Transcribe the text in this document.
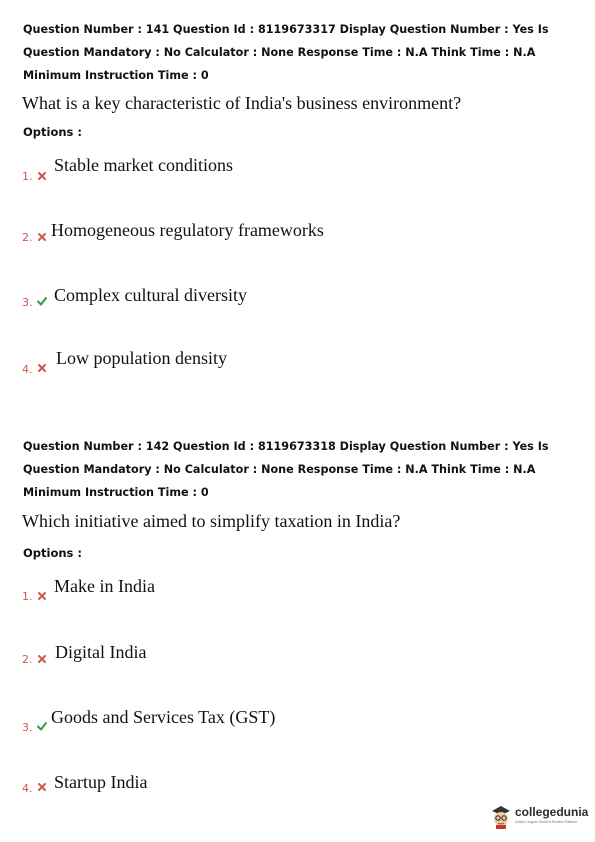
Question Number : 141 Question Id : 8119673317 Display Question Number : Yes Is Question Mandatory : No Calculator : None Response Time : N.A Think Time : N.A Minimum Instruction Time : 0
What is a key characteristic of India's business environment?
Options :
1.
Stable market conditions
2. Homogeneous regulatory frameworks
3. Complex cultural diversity
4.
Low population density
Question Number : 142 Question Id : 8119673318 Display Question Number : Yes Is Question Mandatory : No Calculator : None Response Time : N.A Think Time : N.A Minimum Instruction Time : 0
Which initiative aimed to simplify taxation in India?
Options :
1.
Make in India
2. Digital India
3.
Goods and Services Tax (GST)
4. Startup India
collegedunia
India's Largest Student Review Platform
